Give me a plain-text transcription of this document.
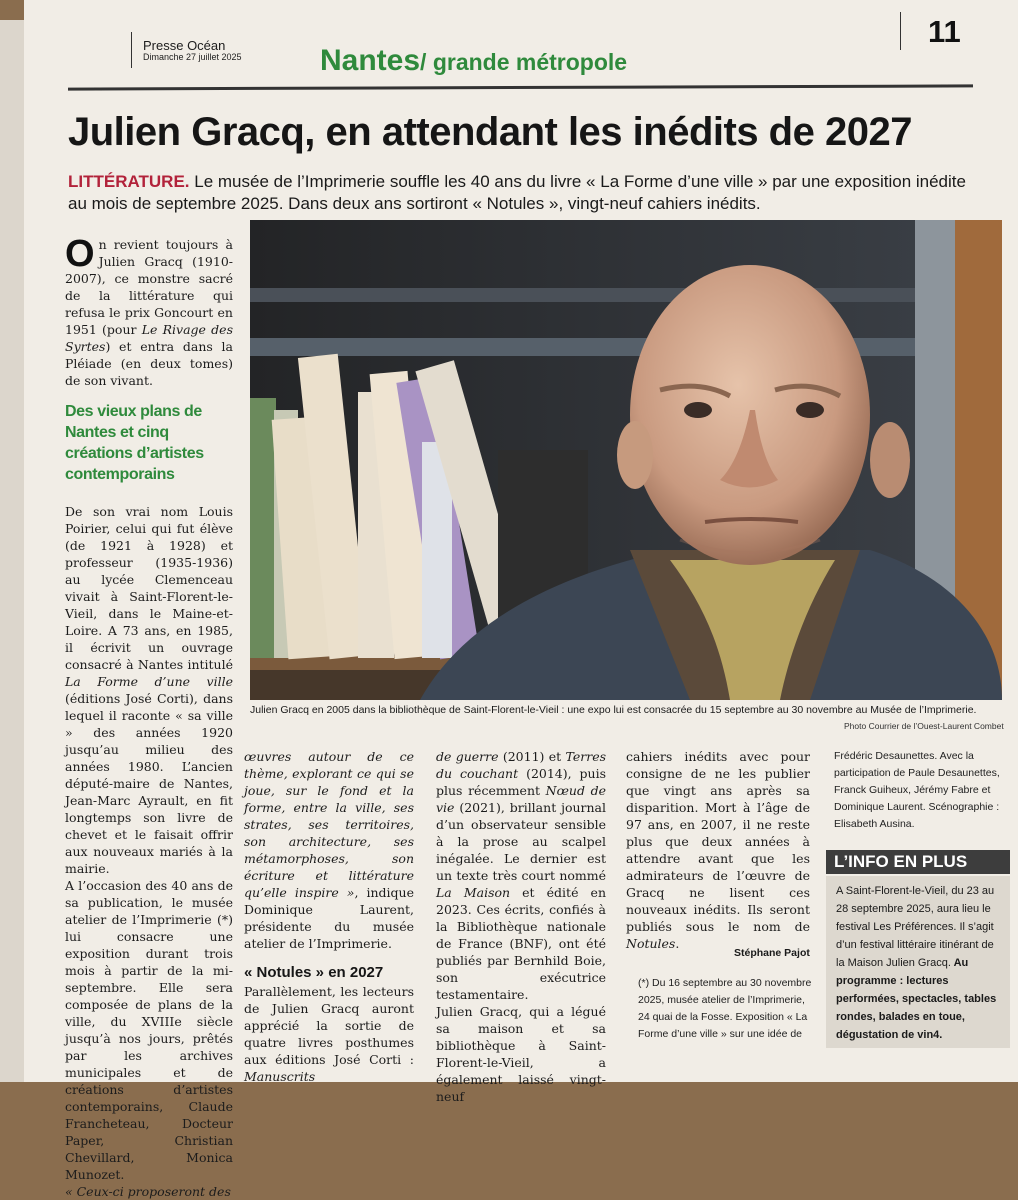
Presse Océan
Dimanche 27 juillet 2025	Nantes/ grande métropole
11
Julien Gracq, en attendant les inédits de 2027
LITTÉRATURE. Le musée de l’Imprimerie souffle les 40 ans du livre « La Forme d’une ville » par une exposition inédite au mois de septembre 2025. Dans deux ans sortiront « Notules », vingt-neuf cahiers inédits.

On revient toujours à Julien Gracq (1910-2007), ce monstre sacré de la littérature qui refusa le prix Goncourt en 1951 (pour Le Rivage des Syrtes) et entra dans la Pléiade (en deux tomes) de son vivant.

Des vieux plans de Nantes et cinq créations d’artistes contemporains

De son vrai nom Louis Poirier, celui qui fut élève (de 1921 à 1928) et professeur (1935-1936) au lycée Clemenceau vivait à Saint-Florent-le-Vieil, dans le Maine-et-Loire. A 73 ans, en 1985, il écrivit un ouvrage consacré à Nantes intitulé La Forme d’une ville (éditions José Corti), dans lequel il raconte « sa ville » des années 1920 jusqu’au milieu des années 1980. L’ancien député-maire de Nantes, Jean-Marc Ayrault, en fit longtemps son livre de chevet et le faisait offrir aux nouveaux mariés à la mairie.

A l’occasion des 40 ans de sa publication, le musée atelier de l’Imprimerie (*) lui consacre une exposition durant trois mois à partir de la mi-septembre. Elle sera composée de plans de la ville, du XVIIIe siècle jusqu’à nos jours, prêtés par les archives municipales et de créations d’artistes contemporains, Claude Francheteau, Docteur Paper, Christian Chevillard, Monica Munozet.

« Ceux-ci proposeront des

Julien Gracq en 2005 dans la bibliothèque de Saint-Florent-le-Vieil : une expo lui est consacrée du 15 septembre au 30 novembre au Musée de l’Imprimerie.
Photo Courrier de l’Ouest-Laurent Combet

œuvres autour de ce thème, explorant ce qui se joue, sur le fond et la forme, entre la ville, ses strates, ses territoires, son architecture, ses métamorphoses, son écriture et littérature qu’elle inspire », indique Dominique Laurent, présidente du musée atelier de l’Imprimerie.

« Notules » en 2027

Parallèlement, les lecteurs de Julien Gracq auront apprécié la sortie de quatre livres posthumes aux éditions José Corti : Manuscrits

de guerre (2011) et Terres du couchant (2014), puis plus récemment Nœud de vie (2021), brillant journal d’un observateur sensible à la prose au scalpel inégalée. Le dernier est un texte très court nommé La Maison et édité en 2023. Ces écrits, confiés à la Bibliothèque nationale de France (BNF), ont été publiés par Bernhild Boie, son exécutrice testamentaire.

Julien Gracq, qui a légué sa maison et sa bibliothèque à Saint-Florent-le-Vieil, a également laissé vingt-neuf

cahiers inédits avec pour consigne de ne les publier que vingt ans après sa disparition. Mort à l’âge de 97 ans, en 2007, il ne reste plus que deux années à attendre avant que les admirateurs de l’œuvre de Gracq ne lisent ces nouveaux inédits. Ils seront publiés sous le nom de Notules.

Stéphane Pajot
(*) Du 16 septembre au 30 novembre 2025, musée atelier de l’Imprimerie, 24 quai de la Fosse. Exposition « La Forme d’une ville » sur une idée de
Frédéric Desaunettes. Avec la participation de Paule Desaunettes, Franck Guiheux, Jérémy Fabre et Dominique Laurent. Scénographie : Elisabeth Ausina.
L’INFO EN PLUS

A Saint-Florent-le-Vieil, du 23 au 28 septembre 2025, aura lieu le festival Les Préférences. Il s’agit d’un festival littéraire itinérant de la Maison Julien Gracq. Au programme : lectures performées, spectacles, tables rondes, balades en toue, dégustation de vin4.
